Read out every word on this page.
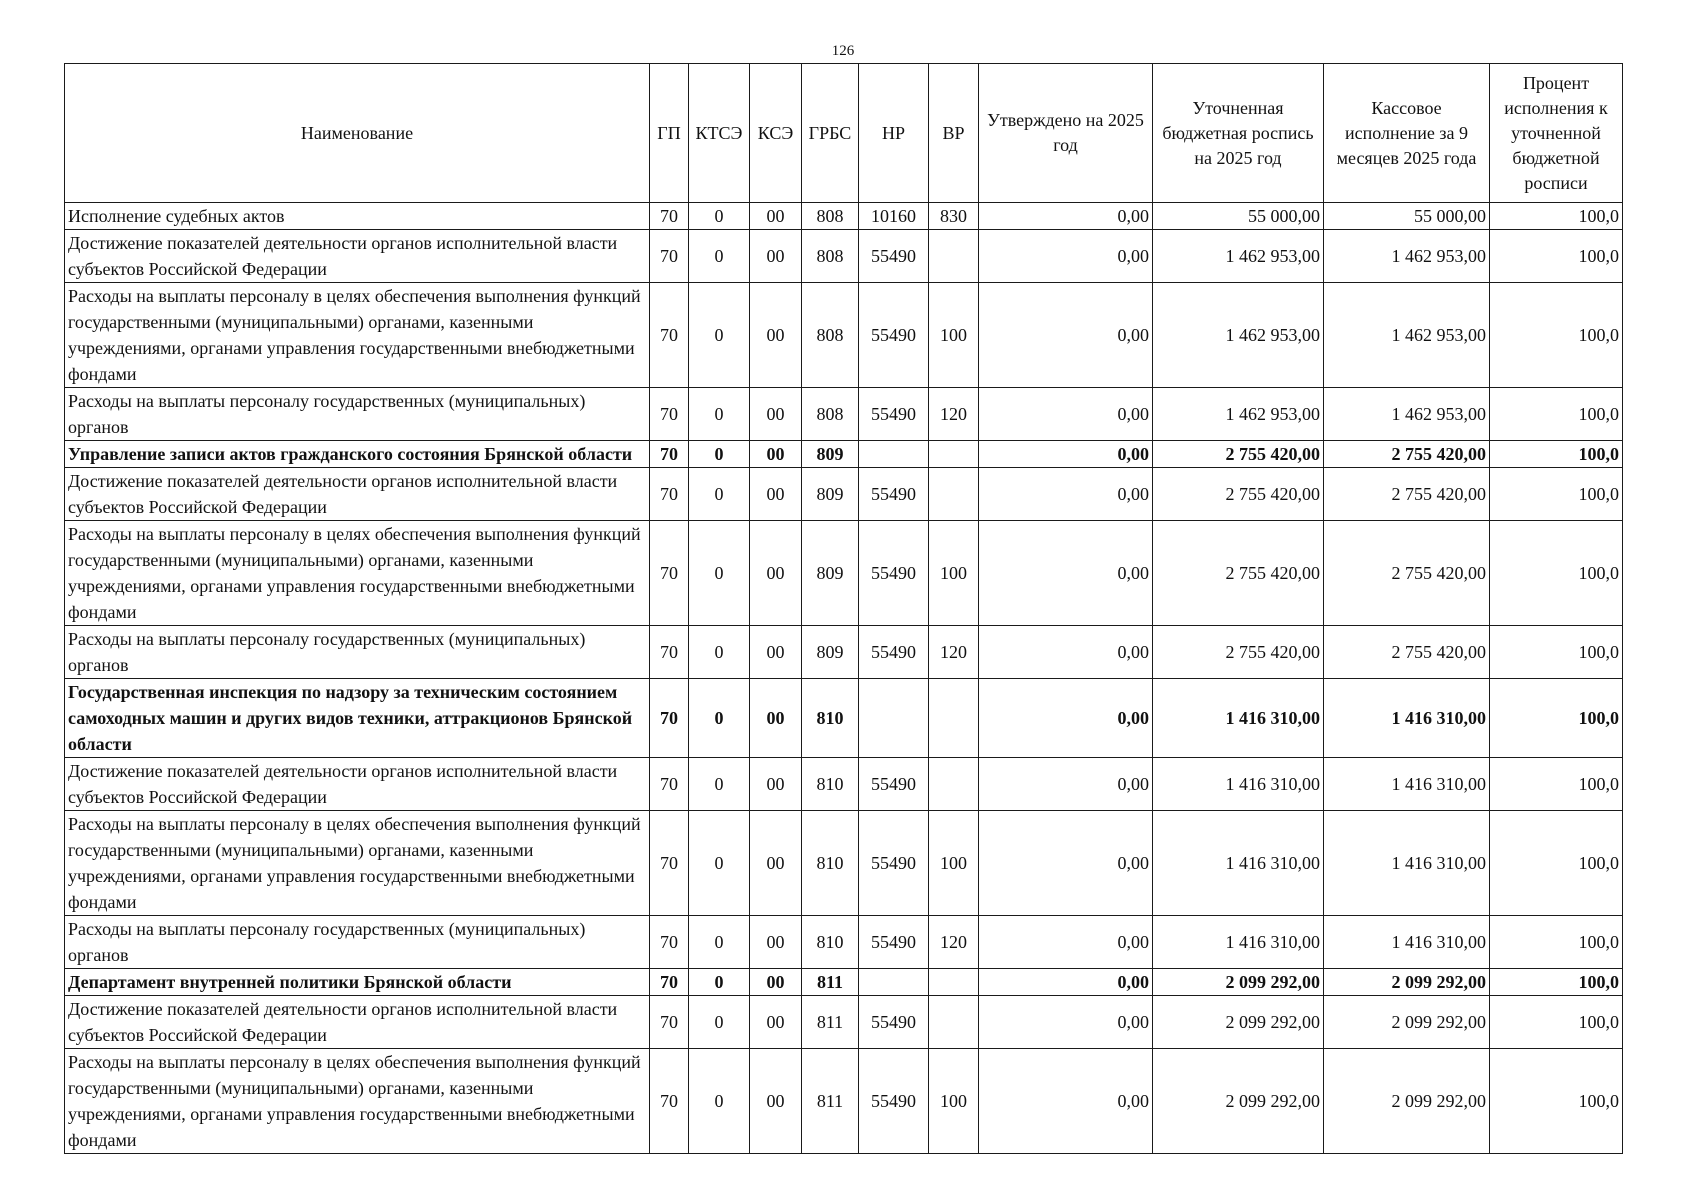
126
Наименование	ГП	КТСЭ	КСЭ	ГРБС	НР	ВР	Утверждено на 2025 год	Уточненная бюджетная роспись на 2025 год	Кассовое исполнение за 9 месяцев 2025 года	Процент исполнения к уточненной бюджетной росписи
Исполнение судебных актов	70	0	00	808	10160	830	0,00	55 000,00	55 000,00	100,0
Достижение показателей деятельности органов исполнительной власти субъектов Российской Федерации	70	0	00	808	55490		0,00	1 462 953,00	1 462 953,00	100,0
Расходы на выплаты персоналу в целях обеспечения выполнения функций государственными (муниципальными) органами, казенными учреждениями, органами управления государственными внебюджетными фондами	70	0	00	808	55490	100	0,00	1 462 953,00	1 462 953,00	100,0
Расходы на выплаты персоналу государственных (муниципальных) органов	70	0	00	808	55490	120	0,00	1 462 953,00	1 462 953,00	100,0
Управление записи актов гражданского состояния Брянской области	70	0	00	809			0,00	2 755 420,00	2 755 420,00	100,0
Достижение показателей деятельности органов исполнительной власти субъектов Российской Федерации	70	0	00	809	55490		0,00	2 755 420,00	2 755 420,00	100,0
Расходы на выплаты персоналу в целях обеспечения выполнения функций государственными (муниципальными) органами, казенными учреждениями, органами управления государственными внебюджетными фондами	70	0	00	809	55490	100	0,00	2 755 420,00	2 755 420,00	100,0
Расходы на выплаты персоналу государственных (муниципальных) органов	70	0	00	809	55490	120	0,00	2 755 420,00	2 755 420,00	100,0
Государственная инспекция по надзору за техническим состоянием самоходных машин и других видов техники, аттракционов Брянской области	70	0	00	810			0,00	1 416 310,00	1 416 310,00	100,0
Достижение показателей деятельности органов исполнительной власти субъектов Российской Федерации	70	0	00	810	55490		0,00	1 416 310,00	1 416 310,00	100,0
Расходы на выплаты персоналу в целях обеспечения выполнения функций государственными (муниципальными) органами, казенными учреждениями, органами управления государственными внебюджетными фондами	70	0	00	810	55490	100	0,00	1 416 310,00	1 416 310,00	100,0
Расходы на выплаты персоналу государственных (муниципальных) органов	70	0	00	810	55490	120	0,00	1 416 310,00	1 416 310,00	100,0
Департамент внутренней политики Брянской области	70	0	00	811			0,00	2 099 292,00	2 099 292,00	100,0
Достижение показателей деятельности органов исполнительной власти субъектов Российской Федерации	70	0	00	811	55490		0,00	2 099 292,00	2 099 292,00	100,0
Расходы на выплаты персоналу в целях обеспечения выполнения функций государственными (муниципальными) органами, казенными учреждениями, органами управления государственными внебюджетными фондами	70	0	00	811	55490	100	0,00	2 099 292,00	2 099 292,00	100,0
